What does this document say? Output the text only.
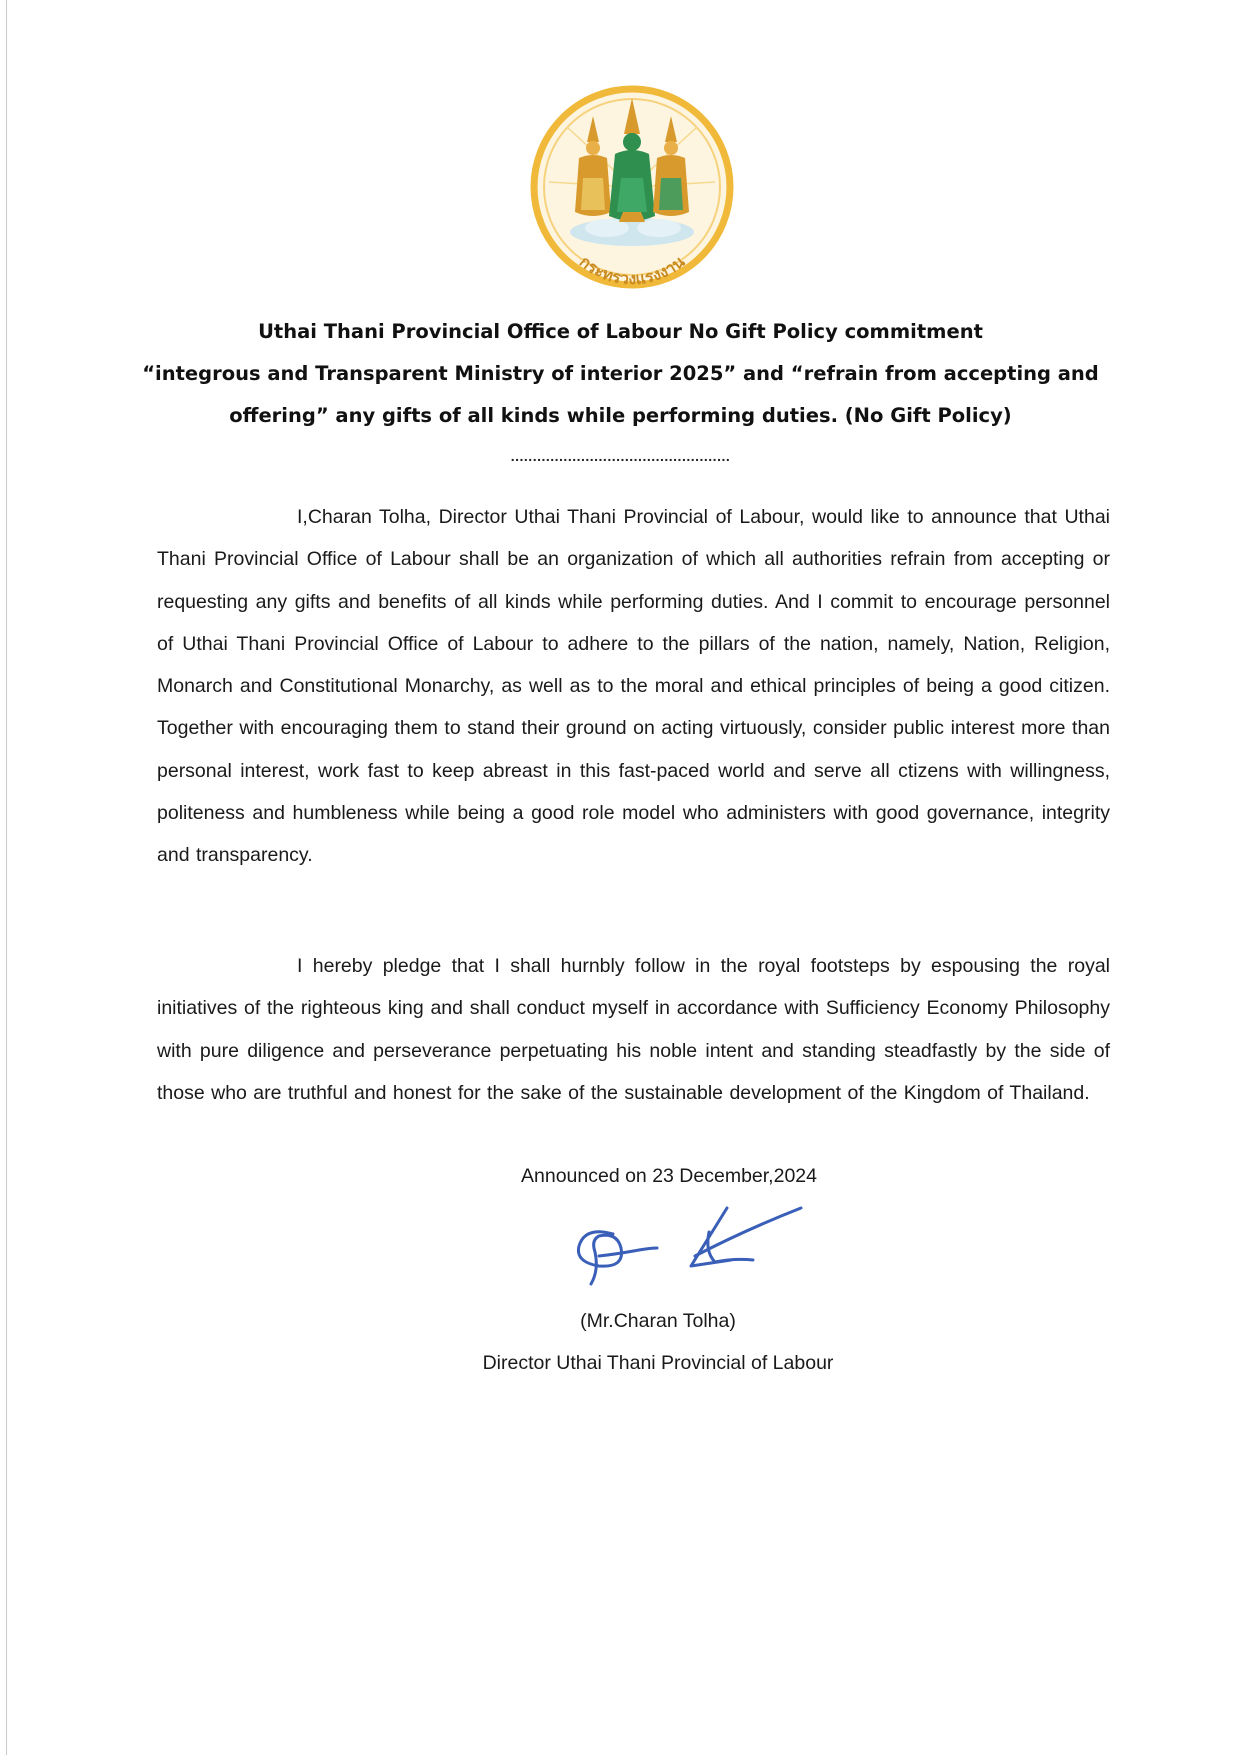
กระทรวงแรงงาน
Uthai Thani Provincial Office of Labour No Gift Policy commitment
“integrous and Transparent Ministry of interior 2025” and “refrain from accepting and
offering” any gifts of all kinds while performing duties. (No Gift Policy)
..................................................

I,Charan Tolha, Director Uthai Thani Provincial of Labour, would like to announce that Uthai Thani Provincial Office of Labour shall be an organization of which all authorities refrain from accepting or requesting any gifts and benefits of all kinds while performing duties. And I commit to encourage personnel of Uthai Thani Provincial Office of Labour to adhere to the pillars of the nation, namely, Nation, Religion, Monarch and Constitutional Monarchy, as well as to the moral and ethical principles of being a good citizen. Together with encouraging them to stand their ground on acting virtuously, consider public interest more than personal interest, work fast to keep abreast in this fast-paced world and serve all ctizens with willingness, politeness and humbleness while being a good role model who administers with good governance, integrity and transparency.

I hereby pledge that I shall hurnbly follow in the royal footsteps by espousing the royal initiatives of the righteous king and shall conduct myself in accordance with Sufficiency Economy Philosophy with pure diligence and perseverance perpetuating his noble intent and standing steadfastly by the side of those who are truthful and honest for the sake of the sustainable development of the Kingdom of Thailand.

Announced on 23 December,2024
(Mr.Charan Tolha)
Director Uthai Thani Provincial of Labour
